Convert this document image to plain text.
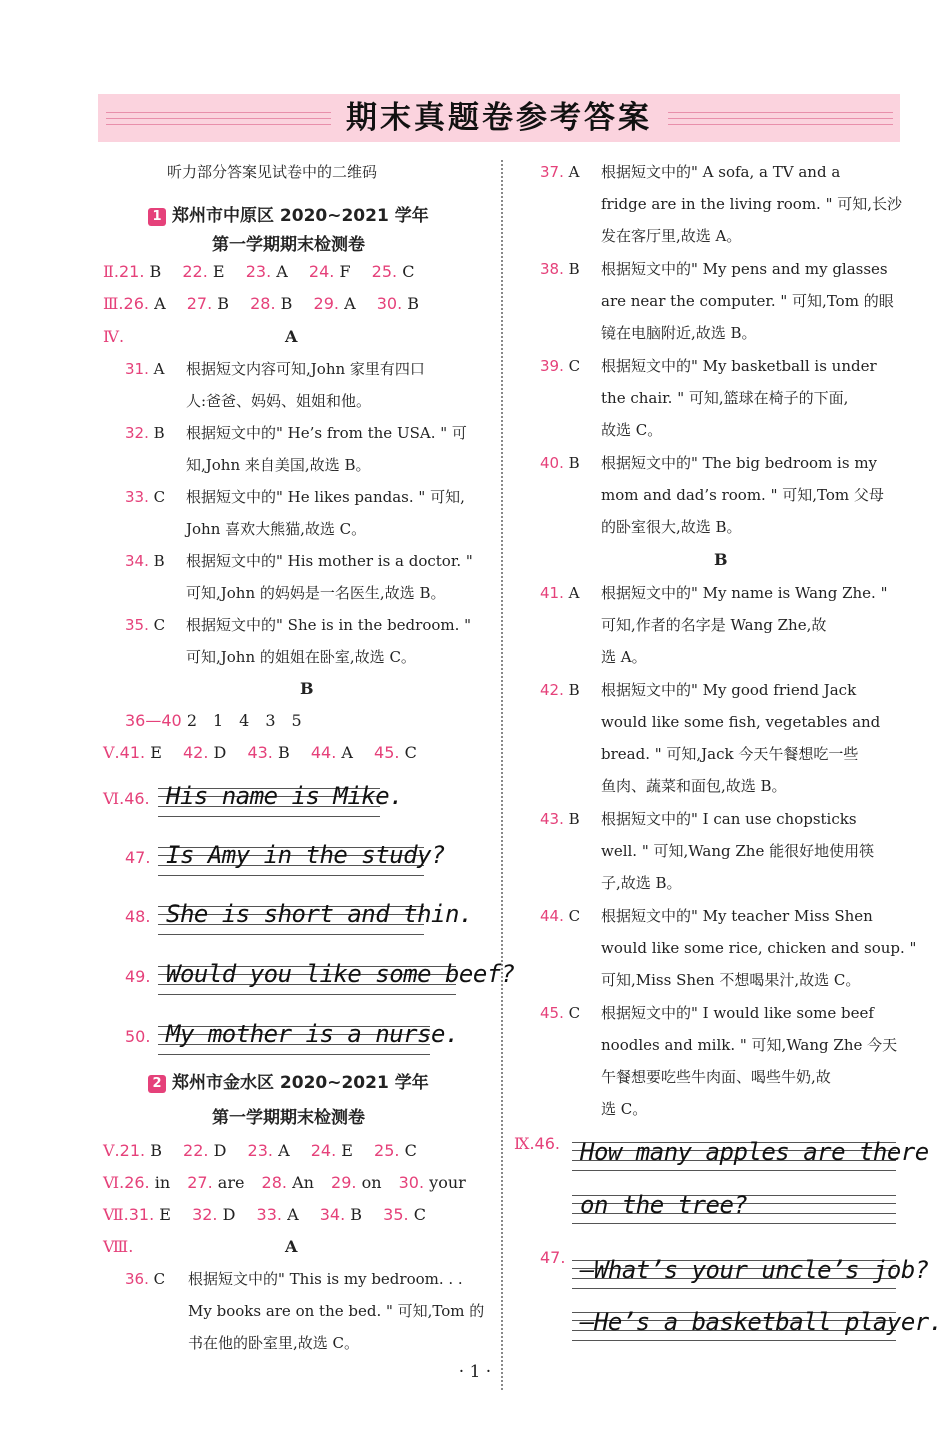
期末真题卷参考答案
听力部分答案见试卷中的二维码
1 郑州市中原区 2020~2021 学年
第一学期期末检测卷
Ⅱ.21. B 22. E 23. A 24. F 25. C
Ⅲ.26. A 27. B 28. B 29. A 30. B
Ⅳ.	A
31. A 根据短文内容可知,John 家里有四口
人:爸爸、妈妈、姐姐和他。
32. B 根据短文中的" He’s from the USA. " 可
知,John 来自美国,故选 B。
33. C 根据短文中的" He likes pandas. " 可知,
John 喜欢大熊猫,故选 C。
34. B 根据短文中的" His mother is a doctor. "
可知,John 的妈妈是一名医生,故选 B。
35. C 根据短文中的" She is in the bedroom. "
可知,John 的姐姐在卧室,故选 C。
B
36—40 2　1　4　3　5
Ⅴ.41. E 42. D 43. B 44. A 45. C
Ⅵ.46. His name is Mike.
47. Is Amy in the study?
48. She is short and thin.
49. Would you like some beef?
50. My mother is a nurse.
2 郑州市金水区 2020~2021 学年
第一学期期末检测卷
Ⅴ.21. B 22. D 23. A 24. E 25. C
Ⅵ.26. in 27. are 28. An 29. on 30. your
Ⅶ.31. E 32. D 33. A 34. B 35. C
Ⅷ.	A
36. C 根据短文中的" This is my bedroom. . .
My books are on the bed. " 可知,Tom 的
书在他的卧室里,故选 C。
37. A 根据短文中的" A sofa, a TV and a
fridge are in the living room. " 可知,长沙
发在客厅里,故选 A。
38. B 根据短文中的" My pens and my glasses
are near the computer. " 可知,Tom 的眼
镜在电脑附近,故选 B。
39. C 根据短文中的" My basketball is under
the chair. " 可知,篮球在椅子的下面,
故选 C。
40. B 根据短文中的" The big bedroom is my
mom and dad’s room. " 可知,Tom 父母
的卧室很大,故选 B。
B
41. A 根据短文中的" My name is Wang Zhe. "
可知,作者的名字是 Wang Zhe,故
选 A。
42. B 根据短文中的" My good friend Jack
would like some fish, vegetables and
bread. " 可知,Jack 今天午餐想吃一些
鱼肉、蔬菜和面包,故选 B。
43. B 根据短文中的" I can use chopsticks
well. " 可知,Wang Zhe 能很好地使用筷
子,故选 B。
44. C 根据短文中的" My teacher Miss Shen
would like some rice, chicken and soup. "
可知,Miss Shen 不想喝果汁,故选 C。
45. C 根据短文中的" I would like some beef
noodles and milk. " 可知,Wang Zhe 今天
午餐想要吃些牛肉面、喝些牛奶,故
选 C。
Ⅸ.46. How many apples are there
on the tree?
47. —What’s your uncle’s job?
—He’s a basketball player.
· 1 ·
